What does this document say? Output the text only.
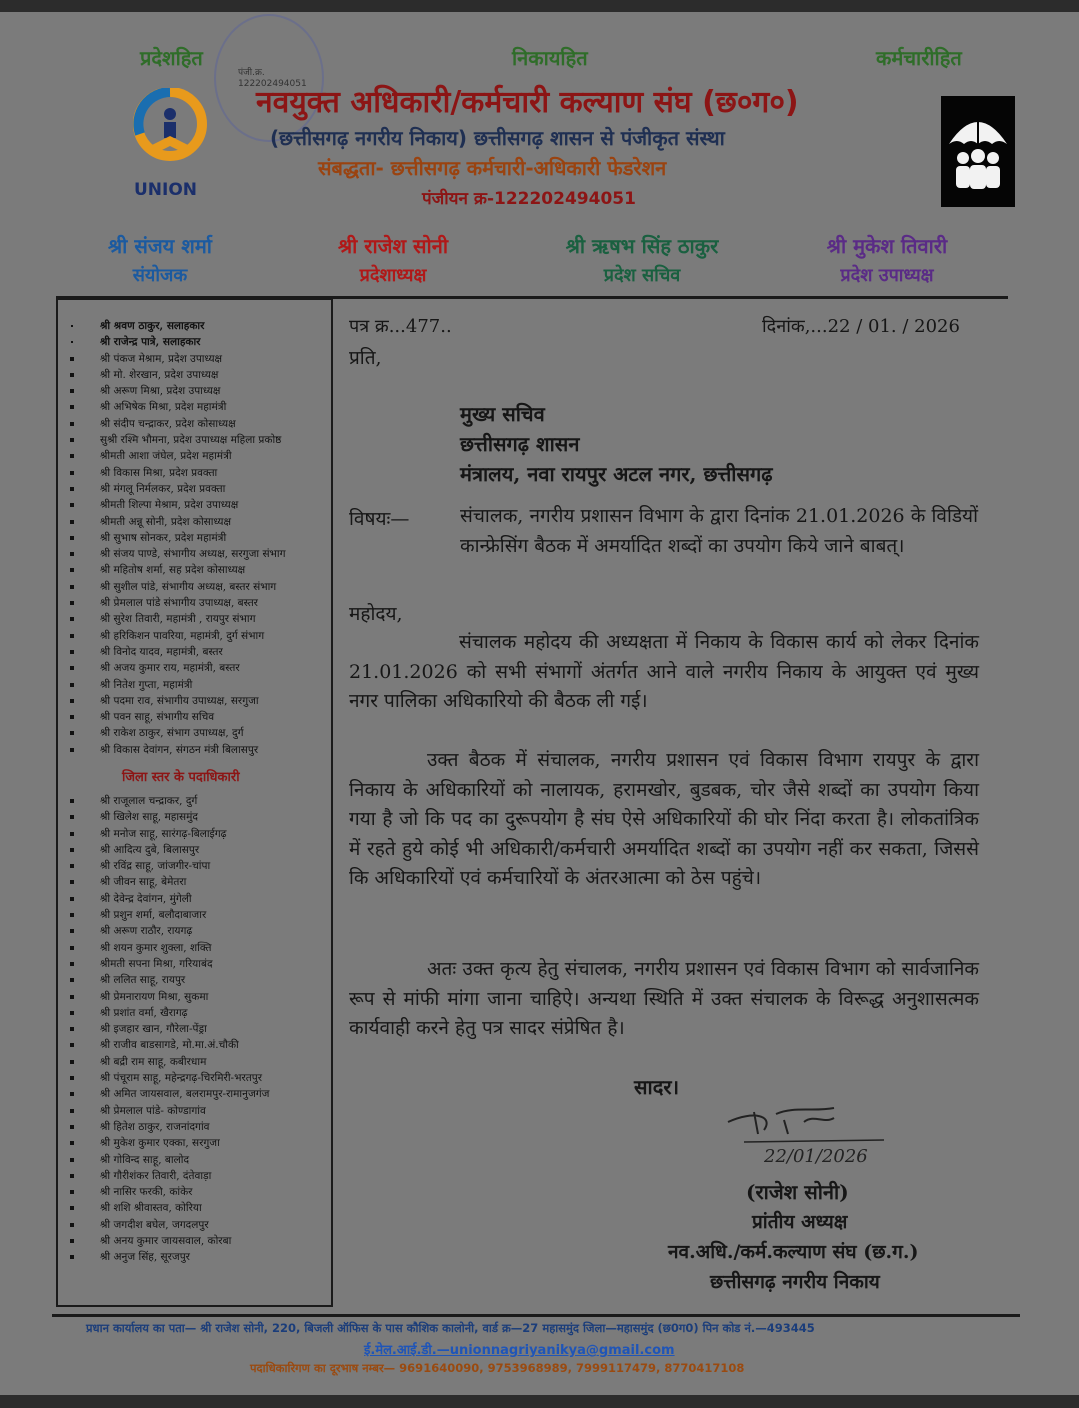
प्रदेशहित	निकायहित	कर्मचारीहित
पंजी.क्र. 122202494051
UNION
नवयुक्त अधिकारी/कर्मचारी कल्याण संघ (छ०ग०)
(छत्तीसगढ़ नगरीय निकाय) छत्तीसगढ़ शासन से पंजीकृत संस्था
संबद्धता- छत्तीसगढ़ कर्मचारी-अधिकारी फेडरेशन
पंजीयन क्र-122202494051
श्री संजय शर्मा
संयोजक
श्री राजेश सोनी
प्रदेशाध्यक्ष
श्री ऋषभ सिंह ठाकुर
प्रदेश सचिव
श्री मुकेश तिवारी
प्रदेश उपाध्यक्ष
श्री श्रवण ठाकुर, सलाहकार
श्री राजेन्द्र पात्रे, सलाहकार
श्री पंकज मेश्राम, प्रदेश उपाध्यक्ष
श्री मो. शेरखान, प्रदेश उपाध्यक्ष
श्री अरूण मिश्रा, प्रदेश उपाध्यक्ष
श्री अभिषेक मिश्रा, प्रदेश महामंत्री
श्री संदीप चन्द्राकर, प्रदेश कोसाध्यक्ष
सुश्री रश्मि भौमना, प्रदेश उपाध्यक्ष महिला प्रकोष्ठ
श्रीमती आशा जंघेल, प्रदेश महामंत्री
श्री विकास मिश्रा, प्रदेश प्रवक्ता
श्री मंगलू निर्मलकर, प्रदेश प्रवक्ता
श्रीमती शिल्पा मेश्राम, प्रदेश उपाध्यक्ष
श्रीमती अन्नू सोनी, प्रदेश कोसाध्यक्ष
श्री सुभाष सोनकर, प्रदेश महामंत्री
श्री संजय पाण्डे, संभागीय अध्यक्ष, सरगुजा संभाग
श्री महितोष शर्मा, सह प्रदेश कोसाध्यक्ष
श्री सुशील पांडे, संभागीय अध्यक्ष, बस्तर संभाग
श्री प्रेमलाल पांडे संभागीय उपाध्यक्ष, बस्तर
श्री सुरेश तिवारी, महामंत्री , रायपुर संभाग
श्री हरिकिशन पावरिया, महामंत्री, दुर्ग संभाग
श्री विनोद यादव, महामंत्री, बस्तर
श्री अजय कुमार राय, महामंत्री, बस्तर
श्री नितेश गुप्ता, महामंत्री
श्री पदमा राव, संभागीय उपाध्यक्ष, सरगुजा
श्री पवन साहू, संभागीय सचिव
श्री राकेश ठाकुर, संभाग उपाध्यक्ष, दुर्ग
श्री विकास देवांगन, संगठन मंत्री बिलासपुर
जिला स्तर के पदाधिकारी
श्री राजूलाल चन्द्राकर, दुर्ग
श्री खिलेश साहू, महासमुंद
श्री मनोज साहू, सारंगढ़-बिलाईगढ़
श्री आदित्य दुबे, बिलासपुर
श्री रविंद्र साहू, जांजगीर-चांपा
श्री जीवन साहू, बेमेतरा
श्री देवेन्द्र देवांगन, मुंगेली
श्री प्रशुन शर्मा, बलौदाबाजार
श्री अरूण राठौर, रायगढ़
श्री शयन कुमार शुक्ला, शक्ति
श्रीमती सपना मिश्रा, गरियाबंद
श्री ललित साहू, रायपुर
श्री प्रेमनारायण मिश्रा, सुकमा
श्री प्रशांत वर्मा, खैरागढ़
श्री इजहार खान, गौरेला-पेंड्रा
श्री राजीव बाडसागडे, मो.मा.अं.चौकी
श्री बद्री राम साहू, कबीरधाम
श्री पंचूराम साहू, महेन्द्रगढ़-चिरमिरी-भरतपुर
श्री अमित जायसवाल, बलरामपुर-रामानुजगंज
श्री प्रेमलाल पांडे- कोण्डागांव
श्री हितेश ठाकुर, राजनांदगांव
श्री मुकेश कुमार एक्का, सरगुजा
श्री गोविन्द साहू, बालोद
श्री गौरीशंकर तिवारी, दंतेवाड़ा
श्री नासिर फरकी, कांकेर
श्री शशि श्रीवास्तव, कोरिया
श्री जगदीश बघेल, जगदलपुर
श्री अनय कुमार जायसवाल, कोरबा
श्री अनुज सिंह, सूरजपुर
पत्र क्र...477..	दिनांक,...22 / 01. / 2026
प्रति,
मुख्य सचिव
छत्तीसगढ़ शासन
मंत्रालय, नवा रायपुर अटल नगर, छत्तीसगढ़
विषयः—	संचालक, नगरीय प्रशासन विभाग के द्वारा दिनांक 21.01.2026 के विडियों कान्फ्रेसिंग बैठक में अमर्यादित शब्दों का उपयोग किये जाने बाबत्।
महोदय,
संचालक महोदय की अध्यक्षता में निकाय के विकास कार्य को लेकर दिनांक 21.01.2026 को सभी संभागों अंतर्गत आने वाले नगरीय निकाय के आयुक्त एवं मुख्य नगर पालिका अधिकारियो की बैठक ली गई।
उक्त बैठक में संचालक, नगरीय प्रशासन एवं विकास विभाग रायपुर के द्वारा निकाय के अधिकारियों को नालायक, हरामखोर, बुडबक, चोर जैसे शब्दों का उपयोग किया गया है जो कि पद का दुरूपयोग है संघ ऐसे अधिकारियों की घोर निंदा करता है। लोकतांत्रिक में रहते हुये कोई भी अधिकारी/कर्मचारी अमर्यादित शब्दों का उपयोग नहीं कर सकता, जिससे कि अधिकारियों एवं कर्मचारियों के अंतरआत्मा को ठेस पहुंचे।
अतः उक्त कृत्य हेतु संचालक, नगरीय प्रशासन एवं विकास विभाग को सार्वजानिक रूप से मांफी मांगा जाना चाहिऐ। अन्यथा स्थिति में उक्त संचालक के विरूद्ध अनुशासत्मक कार्यवाही करने हेतु पत्र सादर संप्रेषित है।
सादर।
22/01/2026
(राजेश सोनी)
प्रांतीय अध्यक्ष
नव.अधि./कर्म.कल्याण संघ (छ.ग.)
छत्तीसगढ़ नगरीय निकाय
प्रधान कार्यालय का पता— श्री राजेश सोनी, 220, बिजली ऑफिस के पास कौशिक कालोनी, वार्ड क्र—27 महासमुंद जिला—महासमुंद (छ0ग0) पिन कोड नं.—493445
ई.मेल.आई.डी.—unionnagriyanikya@gmail.com
पदाधिकारिगण का दूरभाष नम्बर— 9691640090, 9753968989, 7999117479, 8770417108
